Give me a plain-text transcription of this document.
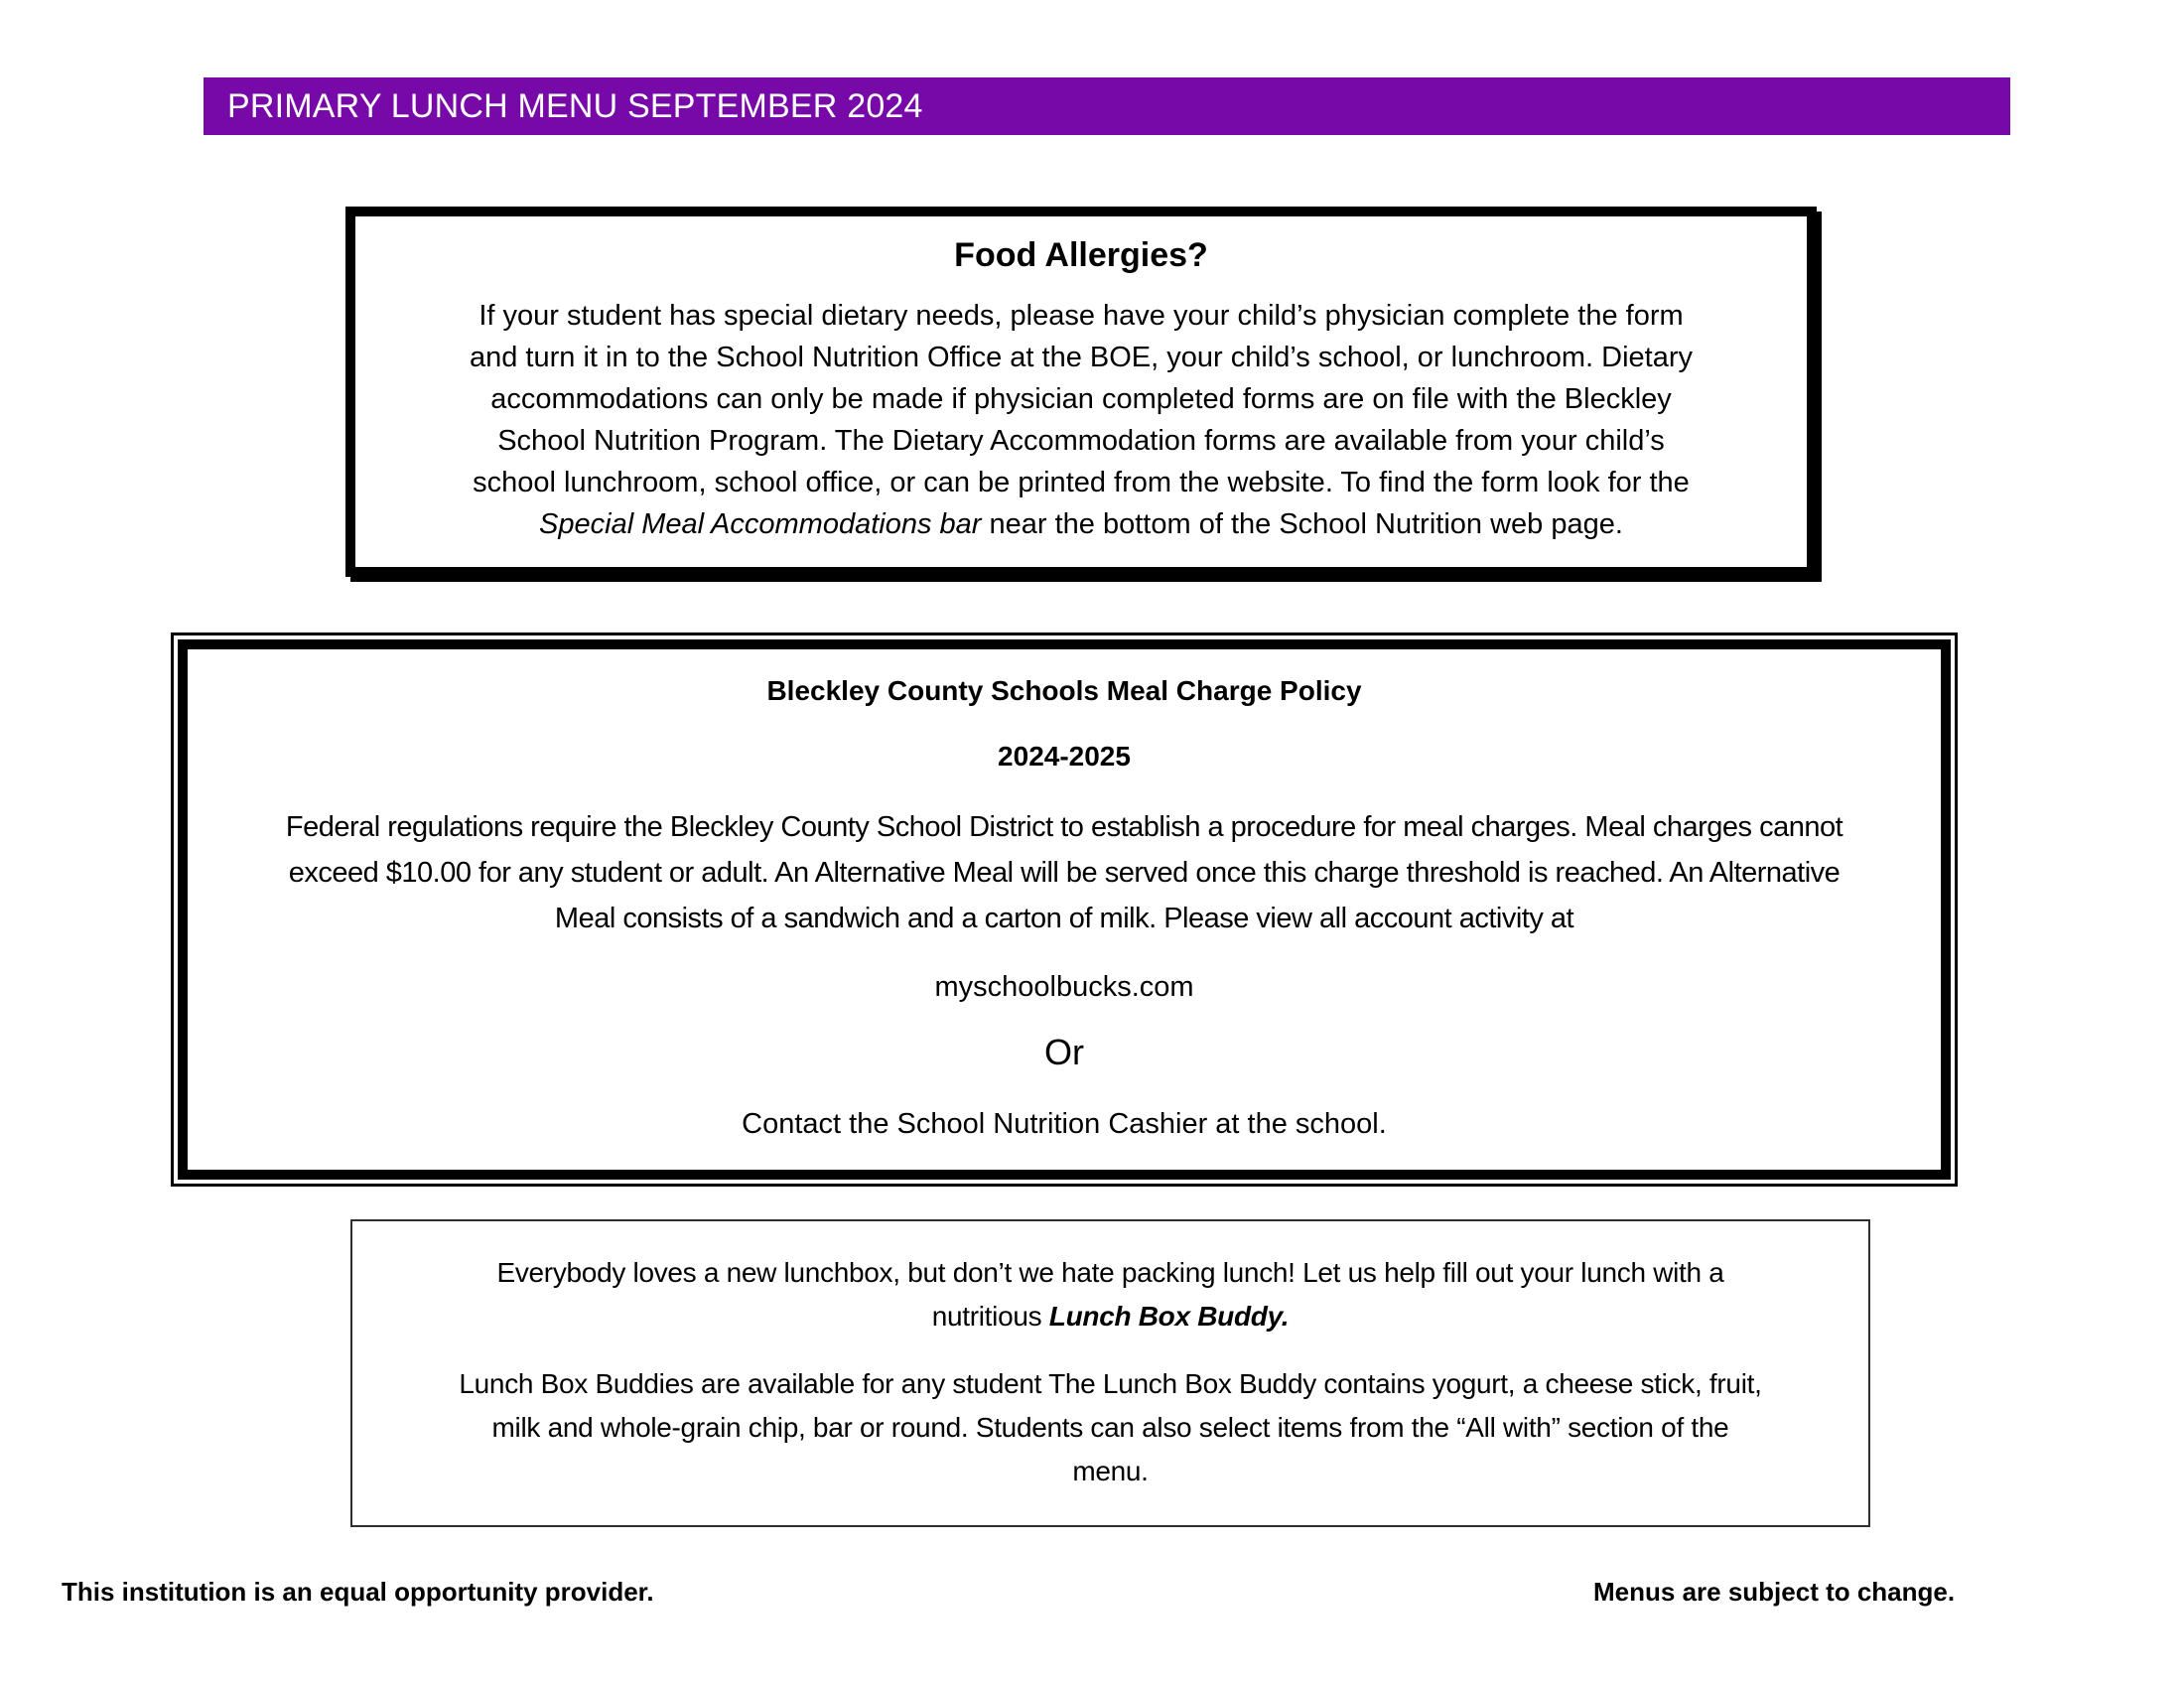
PRIMARY LUNCH MENU SEPTEMBER 2024
Food Allergies?
If your student has special dietary needs, please have your child’s physician complete the form
and turn it in to the School Nutrition Office at the BOE, your child’s school, or lunchroom. Dietary
accommodations can only be made if physician completed forms are on file with the Bleckley
School Nutrition Program. The Dietary Accommodation forms are available from your child’s
school lunchroom, school office, or can be printed from the website. To find the form look for the
Special Meal Accommodations bar near the bottom of the School Nutrition web page.
Bleckley County Schools Meal Charge Policy
2024-2025
Federal regulations require the Bleckley County School District to establish a procedure for meal charges. Meal charges cannot
exceed $10.00 for any student or adult. An Alternative Meal will be served once this charge threshold is reached. An Alternative
Meal consists of a sandwich and a carton of milk. Please view all account activity at
myschoolbucks.com
Or
Contact the School Nutrition Cashier at the school.
Everybody loves a new lunchbox, but don’t we hate packing lunch! Let us help fill out your lunch with a
nutritious Lunch Box Buddy.
Lunch Box Buddies are available for any student The Lunch Box Buddy contains yogurt, a cheese stick, fruit,
milk and whole-grain chip, bar or round. Students can also select items from the “All with” section of the
menu.
This institution is an equal opportunity provider.	Menus are subject to change.
